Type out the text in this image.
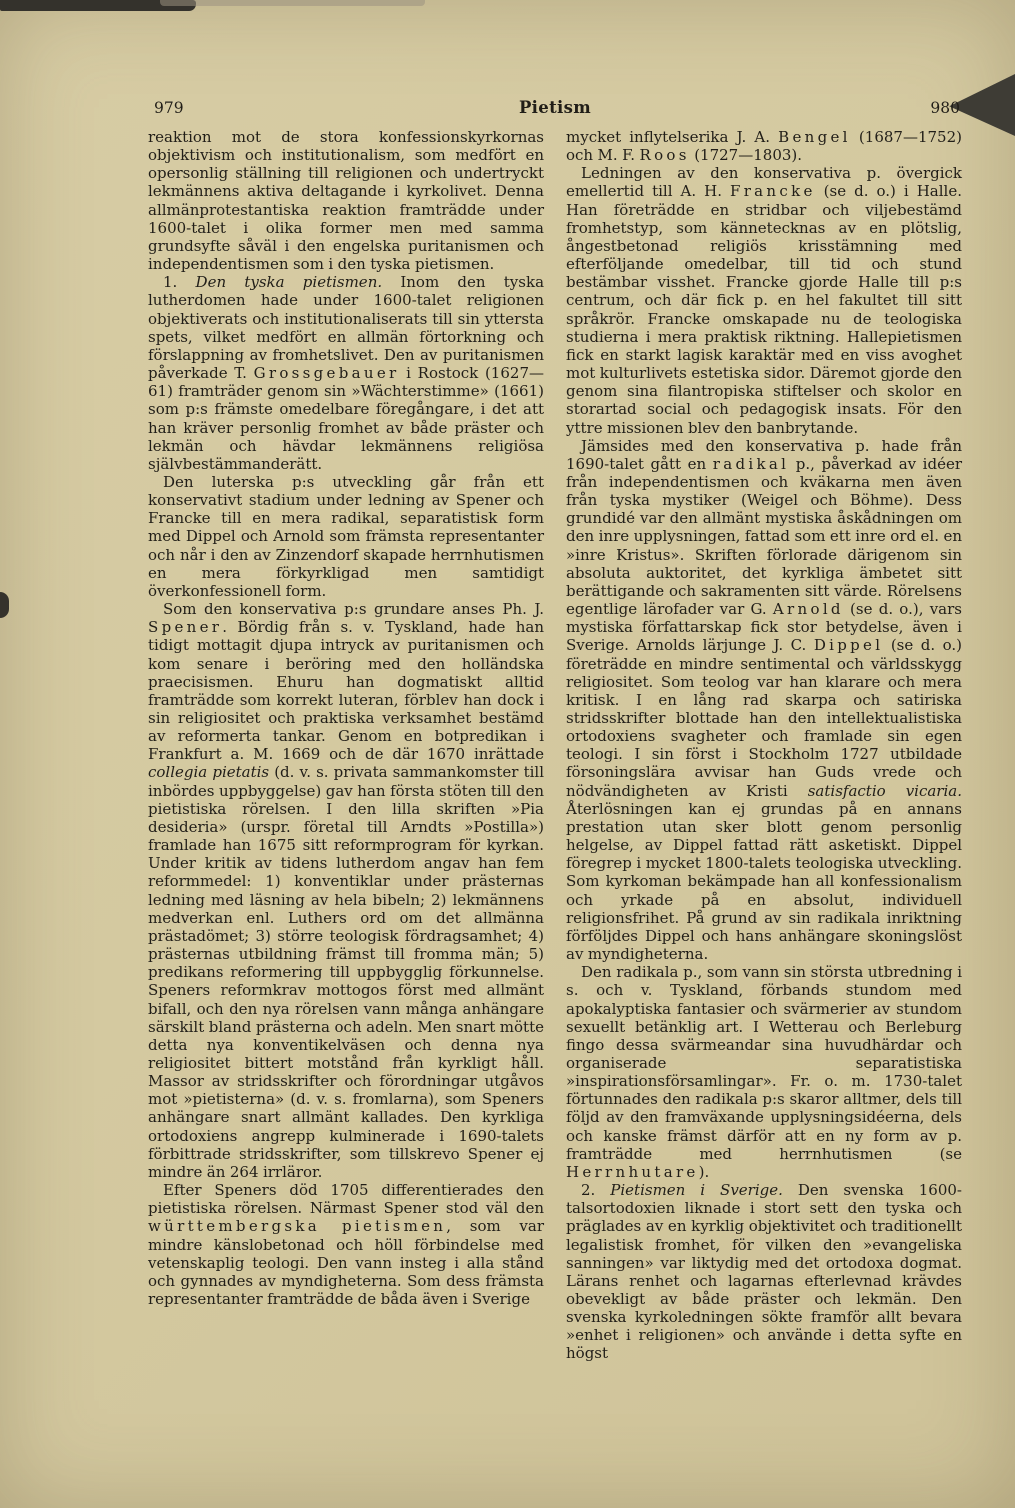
979	Pietism	980

reaktion mot de stora konfessionskyrkornas objektivism och institutionalism, som medfört en opersonlig ställning till religionen och undertryckt lekmännens aktiva deltagande i kyrkolivet. Denna allmänprotestantiska reaktion framträdde under 1600-talet i olika former men med samma grundsyfte såväl i den engelska puritanismen och independentismen som i den tyska pietismen.

1. Den tyska pietismen. Inom den tyska lutherdomen hade under 1600-talet religionen objektiverats och institutionaliserats till sin yttersta spets, vilket medfört en allmän förtorkning och förslappning av fromhetslivet. Den av puritanismen påverkade T. Grossgebauer i Rostock (1627—61) framträder genom sin »Wächterstimme» (1661) som p:s främste omedelbare föregångare, i det att han kräver personlig fromhet av både präster och lekmän och hävdar lekmännens religiösa självbestämmanderätt.

Den luterska p:s utveckling går från ett konservativt stadium under ledning av Spener och Francke till en mera radikal, separatistisk form med Dippel och Arnold som främsta representanter och når i den av Zinzendorf skapade herrnhutismen en mera förkyrkligad men samtidigt överkonfessionell form.

Som den konservativa p:s grundare anses Ph. J. Spener. Bördig från s. v. Tyskland, hade han tidigt mottagit djupa intryck av puritanismen och kom senare i beröring med den holländska praecisismen. Ehuru han dogmatiskt alltid framträdde som korrekt luteran, förblev han dock i sin religiositet och praktiska verksamhet bestämd av reformerta tankar. Genom en botpredikan i Frankfurt a. M. 1669 och de där 1670 inrättade collegia pietatis (d. v. s. privata sammankomster till inbördes uppbyggelse) gav han första stöten till den pietistiska rörelsen. I den lilla skriften »Pia desideria» (urspr. företal till Arndts »Postilla») framlade han 1675 sitt reformprogram för kyrkan. Under kritik av tidens lutherdom angav han fem reformmedel: 1) konventiklar under prästernas ledning med läsning av hela bibeln; 2) lekmännens medverkan enl. Luthers ord om det allmänna prästadömet; 3) större teologisk fördragsamhet; 4) prästernas utbildning främst till fromma män; 5) predikans reformering till uppbygglig förkunnelse. Speners reformkrav mottogos först med allmänt bifall, och den nya rörelsen vann många anhängare särskilt bland prästerna och adeln. Men snart mötte detta nya konventikelväsen och denna nya religiositet bittert motstånd från kyrkligt håll. Massor av stridsskrifter och förordningar utgåvos mot »pietisterna» (d. v. s. fromlarna), som Speners anhängare snart allmänt kallades. Den kyrkliga ortodoxiens angrepp kulminerade i 1690-talets förbittrade stridsskrifter, som tillskrevo Spener ej mindre än 264 irrläror.

Efter Speners död 1705 differentierades den pietistiska rörelsen. Närmast Spener stod väl den württembergska pietismen, som var mindre känslobetonad och höll förbindelse med vetenskaplig teologi. Den vann insteg i alla stånd och gynnades av myndigheterna. Som dess främsta representanter framträdde de båda även i Sverige

mycket inflytelserika J. A. Bengel (1687—1752) och M. F. Roos (1727—1803).

Ledningen av den konservativa p. övergick emellertid till A. H. Francke (se d. o.) i Halle. Han företrädde en stridbar och viljebestämd fromhetstyp, som kännetecknas av en plötslig, ångestbetonad religiös krisstämning med efterföljande omedelbar, till tid och stund bestämbar visshet. Francke gjorde Halle till p:s centrum, och där fick p. en hel fakultet till sitt språkrör. Francke omskapade nu de teologiska studierna i mera praktisk riktning. Hallepietismen fick en starkt lagisk karaktär med en viss avoghet mot kulturlivets estetiska sidor. Däremot gjorde den genom sina filantropiska stiftelser och skolor en storartad social och pedagogisk insats. För den yttre missionen blev den banbrytande.

Jämsides med den konservativa p. hade från 1690-talet gått en radikal p., påverkad av idéer från independentismen och kväkarna men även från tyska mystiker (Weigel och Böhme). Dess grundidé var den allmänt mystiska åskådningen om den inre upplysningen, fattad som ett inre ord el. en »inre Kristus». Skriften förlorade därigenom sin absoluta auktoritet, det kyrkliga ämbetet sitt berättigande och sakramenten sitt värde. Rörelsens egentlige lärofader var G. Arnold (se d. o.), vars mystiska författarskap fick stor betydelse, även i Sverige. Arnolds lärjunge J. C. Dippel (se d. o.) företrädde en mindre sentimental och världsskygg religiositet. Som teolog var han klarare och mera kritisk. I en lång rad skarpa och satiriska stridsskrifter blottade han den intellektualistiska ortodoxiens svagheter och framlade sin egen teologi. I sin först i Stockholm 1727 utbildade försoningslära avvisar han Guds vrede och nödvändigheten av Kristi satisfactio vicaria. Återlösningen kan ej grundas på en annans prestation utan sker blott genom personlig helgelse, av Dippel fattad rätt asketiskt. Dippel föregrep i mycket 1800-talets teologiska utveckling. Som kyrkoman bekämpade han all konfessionalism och yrkade på en absolut, individuell religionsfrihet. På grund av sin radikala inriktning förföljdes Dippel och hans anhängare skoningslöst av myndigheterna.

Den radikala p., som vann sin största utbredning i s. och v. Tyskland, förbands stundom med apokalyptiska fantasier och svärmerier av stundom sexuellt betänklig art. I Wetterau och Berleburg fingo dessa svärmeandar sina huvudhärdar och organiserade separatistiska »inspirationsförsamlingar». Fr. o. m. 1730-talet förtunnades den radikala p:s skaror alltmer, dels till följd av den framväxande upplysningsidéerna, dels och kanske främst därför att en ny form av p. framträdde med herrnhutismen (se Herrnhutare).

2. Pietismen i Sverige. Den svenska 1600-talsortodoxien liknade i stort sett den tyska och präglades av en kyrklig objektivitet och traditionellt legalistisk fromhet, för vilken den »evangeliska sanningen» var liktydig med det ortodoxa dogmat. Lärans renhet och lagarnas efterlevnad krävdes obevekligt av både präster och lekmän. Den svenska kyrkoledningen sökte framför allt bevara »enhet i religionen» och använde i detta syfte en högst
